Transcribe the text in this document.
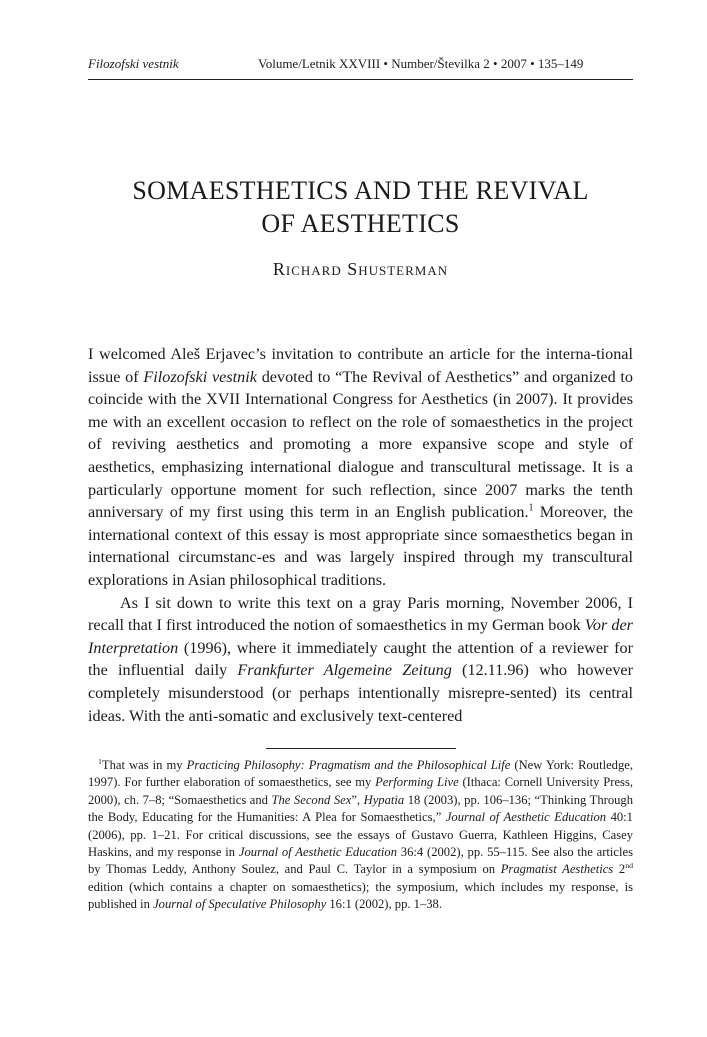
Filozofski vestnik	Volume/Letnik XXVIII • Number/Številka 2 • 2007 • 135–149
SOMAESTHETICS AND THE REVIVAL
OF AESTHETICS
Richard Shusterman

I welcomed Aleš Erjavec’s invitation to contribute an article for the interna-tional issue of Filozofski vestnik devoted to “The Revival of Aesthetics” and organized to coincide with the XVII International Congress for Aesthetics (in 2007). It provides me with an excellent occasion to reflect on the role of somaesthetics in the project of reviving aesthetics and promoting a more expansive scope and style of aesthetics, emphasizing international dialogue and transcultural metissage. It is a particularly opportune moment for such reflection, since 2007 marks the tenth anniversary of my first using this term in an English publication.$^1$ Moreover, the international context of this essay is most appropriate since somaesthetics began in international circumstanc-es and was largely inspired through my transcultural explorations in Asian philosophical traditions.

As I sit down to write this text on a gray Paris morning, November 2006, I recall that I first introduced the notion of somaesthetics in my German book Vor der Interpretation (1996), where it immediately caught the attention of a reviewer for the influential daily Frankfurter Algemeine Zeitung (12.11.96) who however completely misunderstood (or perhaps intentionally misrepre-sented) its central ideas. With the anti-somatic and exclusively text-centered

$^1$That was in my Practicing Philosophy: Pragmatism and the Philosophical Life (New York: Routledge, 1997). For further elaboration of somaesthetics, see my Performing Live (Ithaca: Cornell University Press, 2000), ch. 7–8; “Somaesthetics and The Second Sex”, Hypatia 18 (2003), pp. 106–136; “Thinking Through the Body, Educating for the Humanities: A Plea for Somaesthetics,” Journal of Aesthetic Education 40:1 (2006), pp. 1–21. For critical discussions, see the essays of Gustavo Guerra, Kathleen Higgins, Casey Haskins, and my response in Journal of Aesthetic Education 36:4 (2002), pp. 55–115. See also the articles by Thomas Leddy, Anthony Soulez, and Paul C. Taylor in a symposium on Pragmatist Aesthetics 2nd edition (which contains a chapter on somaesthetics); the symposium, which includes my response, is published in Journal of Speculative Philosophy 16:1 (2002), pp. 1–38.
